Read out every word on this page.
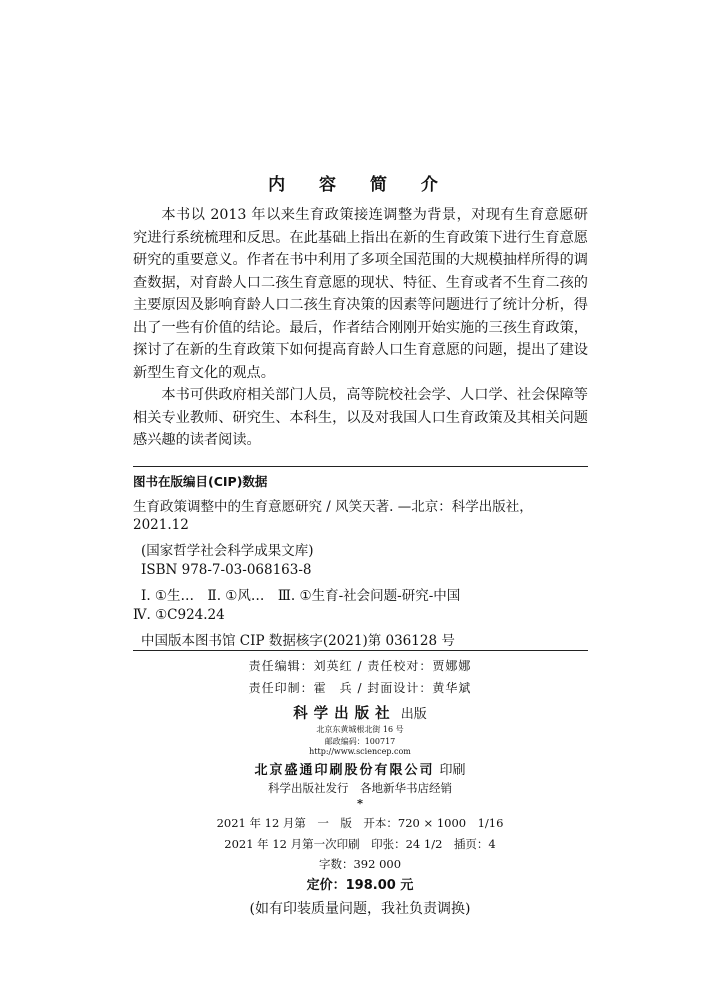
内 容 简 介

本书以 2013 年以来生育政策接连调整为背景，对现有生育意愿研究进行系统梳理和反思。在此基础上指出在新的生育政策下进行生育意愿研究的重要意义。作者在书中利用了多项全国范围的大规模抽样所得的调查数据，对育龄人口二孩生育意愿的现状、特征、生育或者不生育二孩的主要原因及影响育龄人口二孩生育决策的因素等问题进行了统计分析，得出了一些有价值的结论。最后，作者结合刚刚开始实施的三孩生育政策，探讨了在新的生育政策下如何提高育龄人口生育意愿的问题，提出了建设新型生育文化的观点。

本书可供政府相关部门人员，高等院校社会学、人口学、社会保障等相关专业教师、研究生、本科生，以及对我国人口生育政策及其相关问题感兴趣的读者阅读。

图书在版编目(CIP)数据
生育政策调整中的生育意愿研究 / 风笑天著. —北京：科学出版社，
2021.12
(国家哲学社会科学成果文库)
ISBN 978-7-03-068163-8
Ⅰ. ①生…　Ⅱ. ①风…　Ⅲ. ①生育-社会问题-研究-中国
Ⅳ. ①C924.24
中国版本图书馆 CIP 数据核字(2021)第 036128 号
责任编辑：刘英红 / 责任校对：贾娜娜
责任印制：霍　兵 / 封面设计：黄华斌
科学出版社 出版
北京东黄城根北街 16 号
邮政编码：100717
http://www.sciencep.com
北京盛通印刷股份有限公司 印刷
科学出版社发行　各地新华书店经销
*
2021 年 12 月第　一　版　开本：720 × 1000　1/16
2021 年 12 月第一次印刷　印张：24 1/2　插页：4
字数：392 000
定价：198.00 元
(如有印装质量问题，我社负责调换)
